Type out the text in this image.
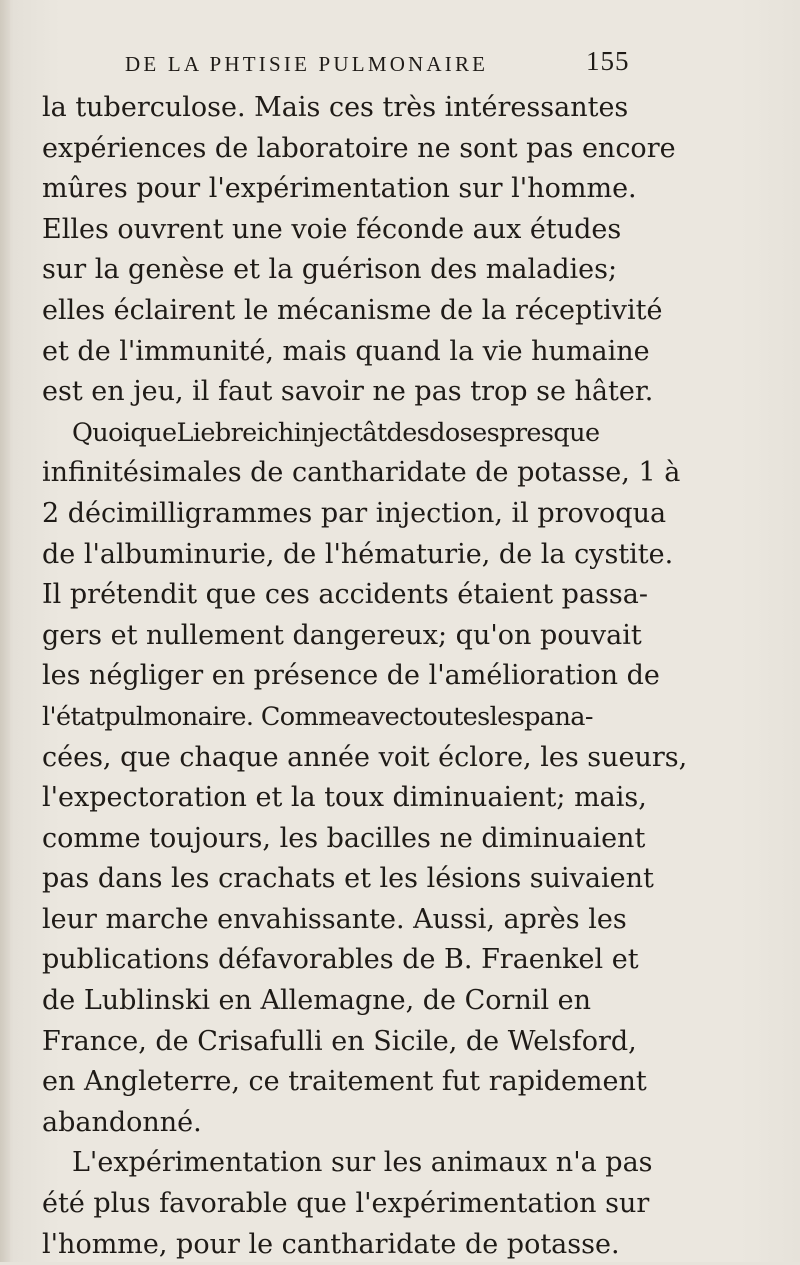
DE LA PHTISIE PULMONAIRE	155
la tuberculose. Mais ces très intéressantes
expériences de laboratoire ne sont pas encore
mûres pour l'expérimentation sur l'homme.
Elles ouvrent une voie féconde aux études
sur la genèse et la guérison des maladies;
elles éclairent le mécanisme de la réceptivité
et de l'immunité, mais quand la vie humaine
est en jeu, il faut savoir ne pas trop se hâter.
QuoiqueLiebreichinjectâtdesdosespresque
infinitésimales de cantharidate de potasse, 1 à
2 décimilligrammes par injection, il provoqua
de l'albuminurie, de l'hématurie, de la cystite.
Il prétendit que ces accidents étaient passa-
gers et nullement dangereux; qu'on pouvait
les négliger en présence de l'amélioration de
l'étatpulmonaire. Commeavectouteslespana-
cées, que chaque année voit éclore, les sueurs,
l'expectoration et la toux diminuaient; mais,
comme toujours, les bacilles ne diminuaient
pas dans les crachats et les lésions suivaient
leur marche envahissante. Aussi, après les
publications défavorables de B. Fraenkel et
de Lublinski en Allemagne, de Cornil en
France, de Crisafulli en Sicile, de Welsford,
en Angleterre, ce traitement fut rapidement
abandonné.
L'expérimentation sur les animaux n'a pas
été plus favorable que l'expérimentation sur
l'homme, pour le cantharidate de potasse.
